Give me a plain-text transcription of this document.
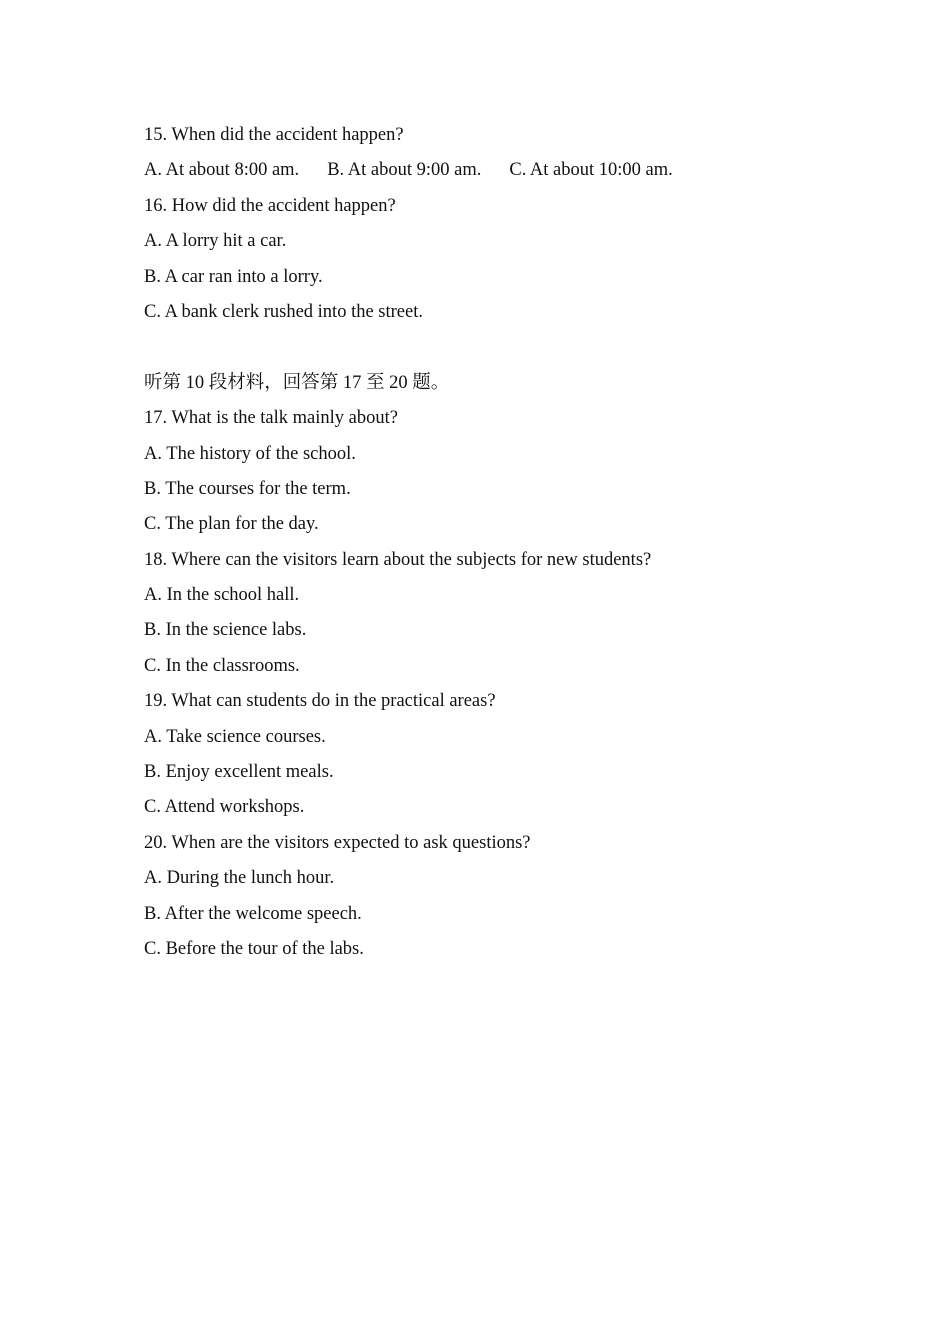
15. When did the accident happen?
A. At about 8:00 am. B. At about 9:00 am. C. At about 10:00 am.
16. How did the accident happen?
A. A lorry hit a car.
B. A car ran into a lorry.
C. A bank clerk rushed into the street.
听第 10 段材料，回答第 17 至 20 题。
17. What is the talk mainly about?
A. The history of the school.
B. The courses for the term.
C. The plan for the day.
18. Where can the visitors learn about the subjects for new students?
A. In the school hall.
B. In the science labs.
C. In the classrooms.
19. What can students do in the practical areas?
A. Take science courses.
B. Enjoy excellent meals.
C. Attend workshops.
20. When are the visitors expected to ask questions?
A. During the lunch hour.
B. After the welcome speech.
C. Before the tour of the labs.
